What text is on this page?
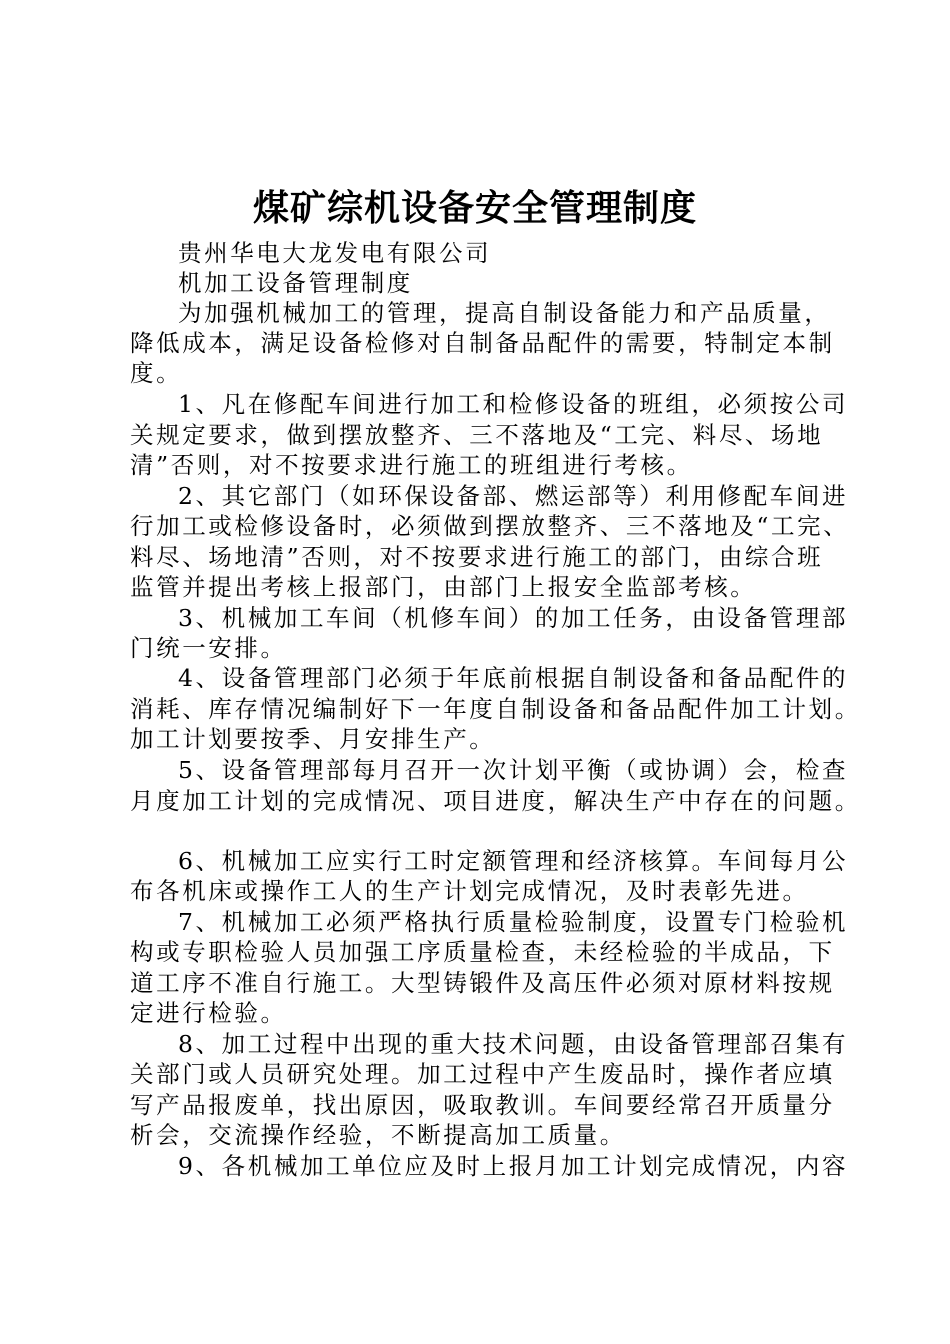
煤矿综机设备安全管理制度
贵州华电大龙发电有限公司
机加工设备管理制度
为加强机械加工的管理，提高自制设备能力和产品质量，
降低成本，满足设备检修对自制备品配件的需要，特制定本制
度。
1、凡在修配车间进行加工和检修设备的班组，必须按公司
关规定要求，做到摆放整齐、三不落地及“工完、料尽、场地
清”否则，对不按要求进行施工的班组进行考核。
2、其它部门（如环保设备部、燃运部等）利用修配车间进
行加工或检修设备时，必须做到摆放整齐、三不落地及“工完、
料尽、场地清”否则，对不按要求进行施工的部门，由综合班
监管并提出考核上报部门，由部门上报安全监部考核。
3、机械加工车间（机修车间）的加工任务，由设备管理部
门统一安排。
4、设备管理部门必须于年底前根据自制设备和备品配件的
消耗、库存情况编制好下一年度自制设备和备品配件加工计划。
加工计划要按季、月安排生产。
5、设备管理部每月召开一次计划平衡（或协调）会，检查
月度加工计划的完成情况、项目进度，解决生产中存在的问题。
6、机械加工应实行工时定额管理和经济核算。车间每月公
布各机床或操作工人的生产计划完成情况，及时表彰先进。
7、机械加工必须严格执行质量检验制度，设置专门检验机
构或专职检验人员加强工序质量检查，未经检验的半成品，下
道工序不准自行施工。大型铸锻件及高压件必须对原材料按规
定进行检验。
8、加工过程中出现的重大技术问题，由设备管理部召集有
关部门或人员研究处理。加工过程中产生废品时，操作者应填
写产品报废单，找出原因，吸取教训。车间要经常召开质量分
析会，交流操作经验，不断提高加工质量。
9、各机械加工单位应及时上报月加工计划完成情况，内容
